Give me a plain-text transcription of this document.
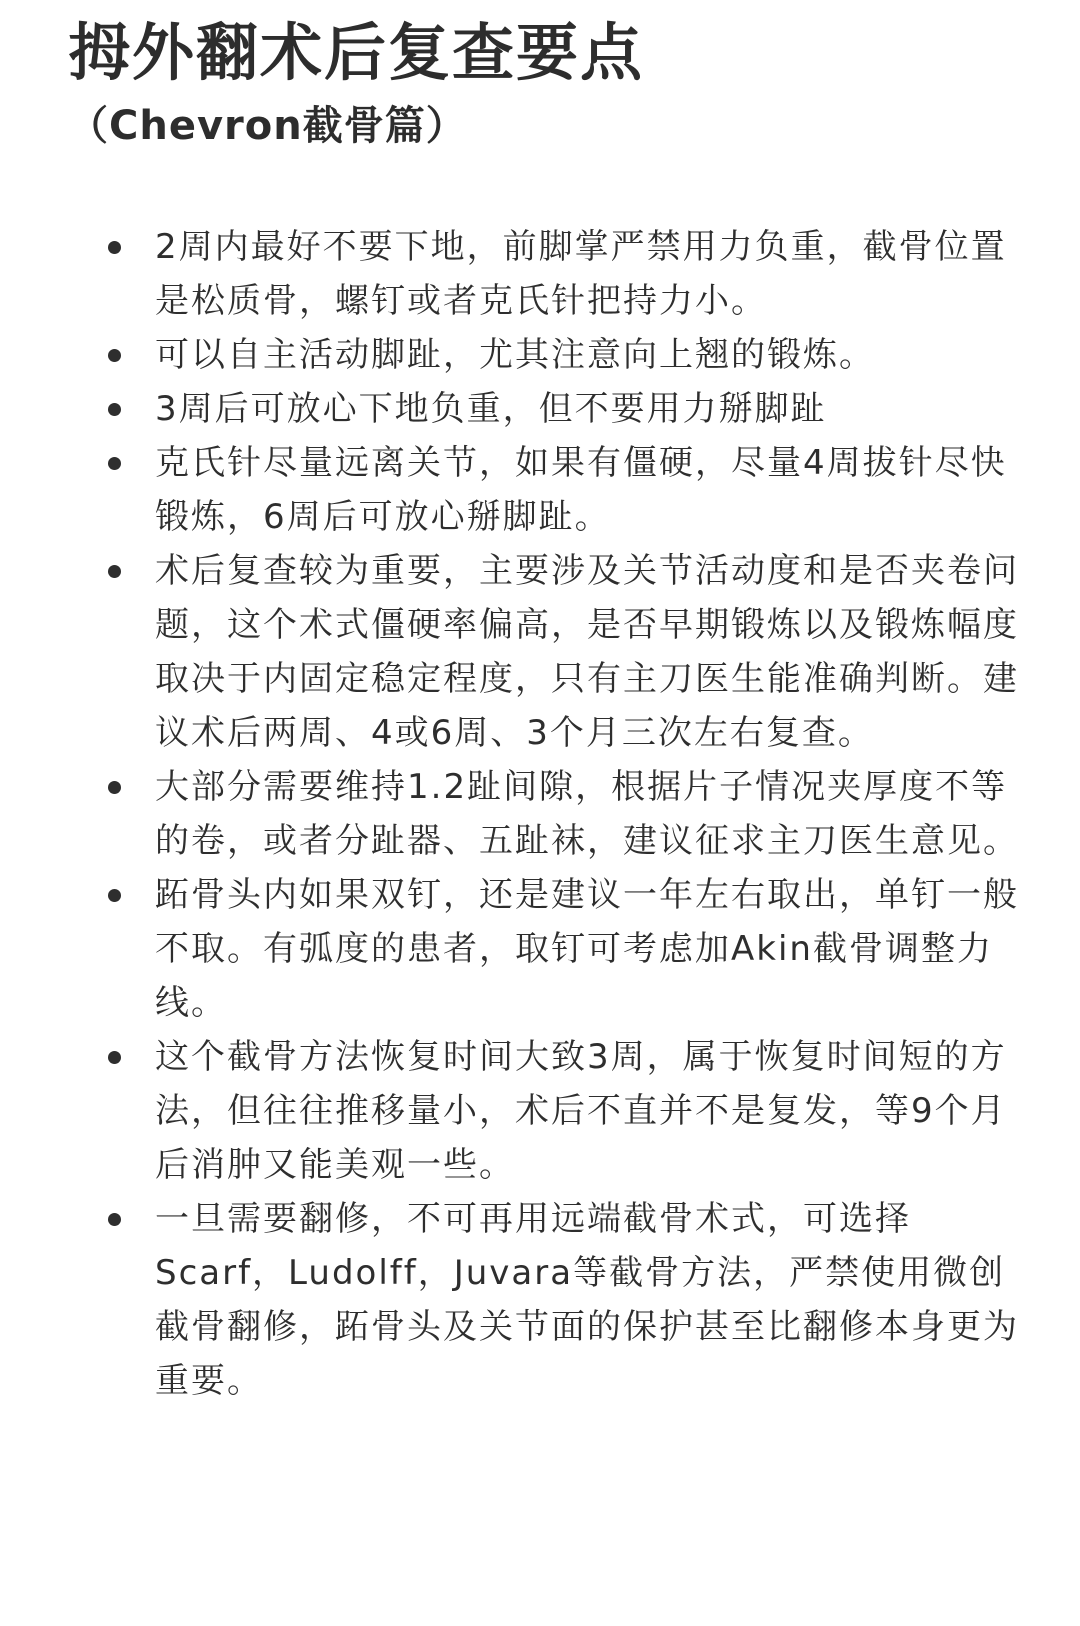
拇外翻术后复查要点
（Chevron截骨篇）
2周内最好不要下地，前脚掌严禁用力负重，截骨位置是松质骨，螺钉或者克氏针把持力小。
可以自主活动脚趾，尤其注意向上翘的锻炼。
3周后可放心下地负重，但不要用力掰脚趾
克氏针尽量远离关节，如果有僵硬，尽量4周拔针尽快锻炼，6周后可放心掰脚趾。
术后复查较为重要，主要涉及关节活动度和是否夹卷问题，这个术式僵硬率偏高，是否早期锻炼以及锻炼幅度取决于内固定稳定程度，只有主刀医生能准确判断。建议术后两周、4或6周、3个月三次左右复查。
大部分需要维持1.2趾间隙，根据片子情况夹厚度不等的卷，或者分趾器、五趾袜，建议征求主刀医生意见。
跖骨头内如果双钉，还是建议一年左右取出，单钉一般不取。有弧度的患者，取钉可考虑加Akin截骨调整力线。
这个截骨方法恢复时间大致3周，属于恢复时间短的方法，但往往推移量小，术后不直并不是复发，等9个月后消肿又能美观一些。
一旦需要翻修，不可再用远端截骨术式，可选择 Scarf，Ludolff，Juvara等截骨方法，严禁使用微创截骨翻修，跖骨头及关节面的保护甚至比翻修本身更为重要。
